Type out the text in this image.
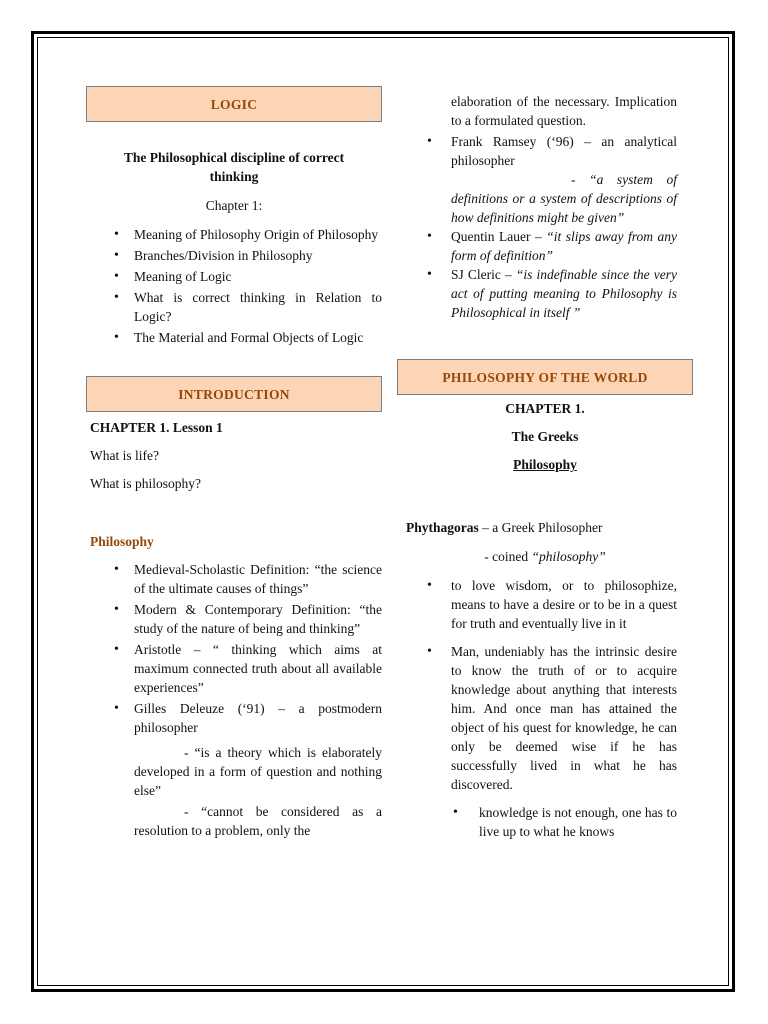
LOGIC
The Philosophical discipline of correct thinking

Chapter 1:

• Meaning of Philosophy Origin of Philosophy
• Branches/Division in Philosophy
• Meaning of Logic
• What is correct thinking in Relation to Logic?
• The Material and Formal Objects of Logic
INTRODUCTION

CHAPTER 1. Lesson 1

What is life?

What is philosophy?

Philosophy

• Medieval-Scholastic Definition: “the science of the ultimate causes of things”
• Modern & Contemporary Definition: “the study of the nature of being and thinking”
• Aristotle – “ thinking which aims at maximum connected truth about all available experiences”
• Gilles Deleuze (‘91) – a postmodern philosopher

- “is a theory which is elaborately developed in a form of question and nothing else”

- “cannot be considered as a resolution to a problem, only the

elaboration of the necessary. Implication to a formulated question.

• Frank Ramsey (‘96) – an analytical philosopher
- “a system of definitions or a system of descriptions of how definitions might be given”
• Quentin Lauer – “it slips away from any form of definition”
• SJ Cleric – “is indefinable since the very act of putting meaning to Philosophy is Philosophical in itself ”
PHILOSOPHY OF THE WORLD

CHAPTER 1.

The Greeks

Philosophy

Phythagoras – a Greek Philosopher

- coined “philosophy”

• to love wisdom, or to philosophize, means to have a desire or to be in a quest for truth and eventually live in it
• Man, undeniably has the intrinsic desire to know the truth of or to acquire knowledge about anything that interests him. And once man has attained the object of his quest for knowledge, he can only be deemed wise if he has successfully lived in what he has discovered.
• knowledge is not enough, one has to live up to what he knows
